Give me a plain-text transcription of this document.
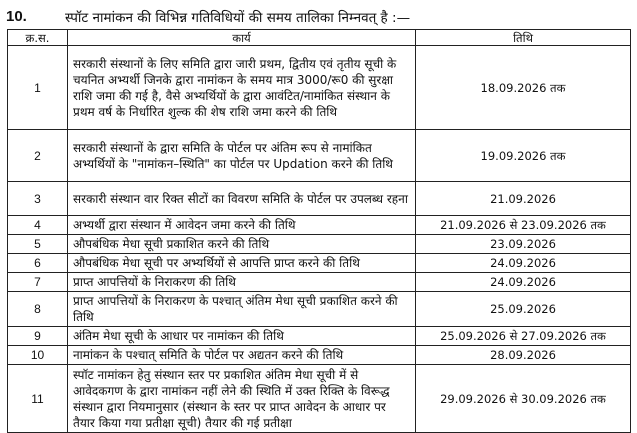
10.	स्पॉट नामांकन की विभिन्न गतिविधियों की समय तालिका निम्नवत् है :—
क्र.स.	कार्य	तिथि
1	सरकारी संस्थानों के लिए समिति द्वारा जारी प्रथम, द्वितीय एवं तृतीय सूची के चयनित अभ्यर्थी जिनके द्वारा नामांकन के समय मात्र 3000/रू0 की सुरक्षा राशि जमा की गई है, वैसे अभ्यर्थियों के द्वारा आवंटित/नामांकित संस्थान के प्रथम वर्ष के निर्धारित शुल्क की शेष राशि जमा करने की तिथि	18.09.2026 तक
2	सरकारी संस्थानों के द्वारा समिति के पोर्टल पर अंतिम रूप से नामांकित अभ्यर्थियों के "नामांकन–स्थिति" का पोर्टल पर Updation करने की तिथि	19.09.2026 तक
3	सरकारी संस्थान वार रिक्त सीटों का विवरण समिति के पोर्टल पर उपलब्ध रहना	21.09.2026
4	अभ्यर्थी द्वारा संस्थान में आवेदन जमा करने की तिथि	21.09.2026 से 23.09.2026 तक
5	औपबंधिक मेधा सूची प्रकाशित करने की तिथि	23.09.2026
6	औपबंधिक मेधा सूची पर अभ्यर्थियों से आपत्ति प्राप्त करने की तिथि	24.09.2026
7	प्राप्त आपत्तियों के निराकरण की तिथि	24.09.2026
8	प्राप्त आपत्तियों के निराकरण के पश्चात् अंतिम मेधा सूची प्रकाशित करने की तिथि	25.09.2026
9	अंतिम मेधा सूची के आधार पर नामांकन की तिथि	25.09.2026 से 27.09.2026 तक
10	नामांकन के पश्चात् समिति के पोर्टल पर अद्यतन करने की तिथि	28.09.2026
11	स्पॉट नामांकन हेतु संस्थान स्तर पर प्रकाशित अंतिम मेधा सूची में से आवेदकगण के द्वारा नामांकन नहीं लेने की स्थिति में उक्त रिक्ति के विरूद्ध संस्थान द्वारा नियमानुसार (संस्थान के स्तर पर प्राप्त आवेदन के आधार पर तैयार किया गया प्रतीक्षा सूची) तैयार की गई प्रतीक्षा	29.09.2026 से 30.09.2026 तक
